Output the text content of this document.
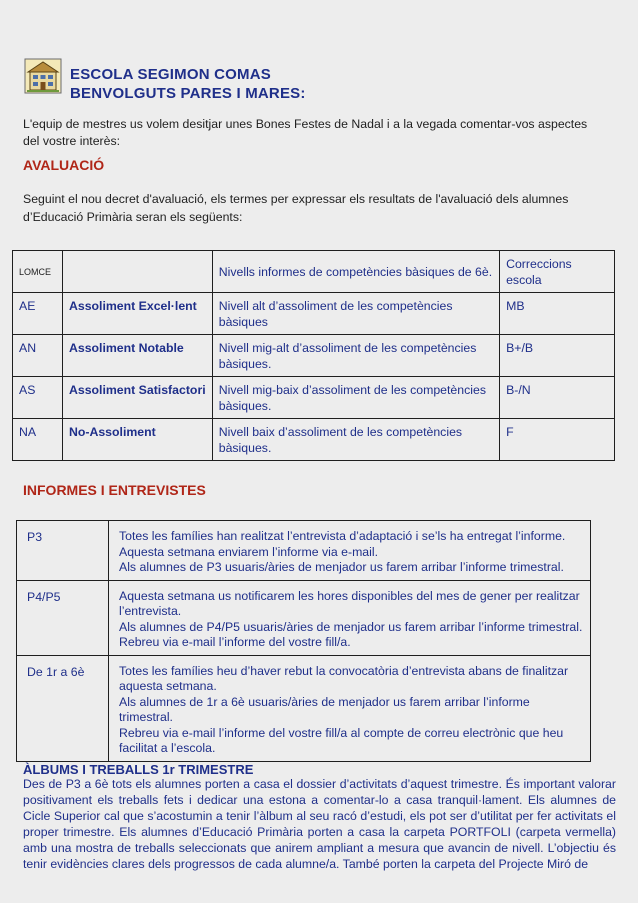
ESCOLA SEGIMON COMAS
BENVOLGUTS PARES I MARES:

L'equip de mestres us volem desitjar unes Bones Festes de Nadal i a la vegada comentar-vos aspectes del vostre interès:

AVALUACIÓ

Seguint el nou decret d'avaluació, els termes per expressar els resultats de l'avaluació dels alumnes d’Educació Primària seran els següents:

LOMCE		Nivells informes de competències bàsiques de 6è.	Correccions escola
AE	Assoliment Excel·lent	Nivell alt d’assoliment de les competències bàsiques	MB
AN	Assoliment Notable	Nivell mig-alt d’assoliment de les competències bàsiques.	B+/B
AS	Assoliment Satisfactori	Nivell mig-baix d’assoliment de les competències bàsiques.	B-/N
NA	No-Assoliment	Nivell baix d’assoliment de les competències bàsiques.	F
INFORMES I ENTREVISTES
P3	Totes les famílies han realitzat l’entrevista d’adaptació i se’ls ha entregat l’informe.
Aquesta setmana enviarem l’informe via e-mail.
Als alumnes de P3 usuaris/àries de menjador us farem arribar l’informe trimestral.

P4/P5	Aquesta setmana us notificarem les hores disponibles del mes de gener per realitzar l’entrevista.
Als alumnes de P4/P5 usuaris/àries de menjador us farem arribar l’informe trimestral.
Rebreu via e-mail l’informe del vostre fill/a.

De 1r a 6è	Totes les famílies heu d’haver rebut la convocatòria d’entrevista abans de finalitzar aquesta setmana.
Als alumnes de 1r a 6è usuaris/àries de menjador us farem arribar l’informe trimestral.
Rebreu via e-mail l’informe del vostre fill/a al compte de correu electrònic que heu facilitat a l’escola.
ÀLBUMS I TREBALLS 1r TRIMESTRE

Des de P3 a 6è tots els alumnes porten a casa el dossier d’activitats d’aquest trimestre. És important valorar positivament els treballs fets i dedicar una estona a comentar-lo a casa tranquil·lament. Els alumnes de Cicle Superior cal que s’acostumin a tenir l’àlbum al seu racó d’estudi, els pot ser d’utilitat per fer activitats el proper trimestre. Els alumnes d’Educació Primària porten a casa la carpeta PORTFOLI (carpeta vermella) amb una mostra de treballs seleccionats que anirem ampliant a mesura que avancin de nivell. L’objectiu és tenir evidències clares dels progressos de cada alumne/a. També porten la carpeta del Projecte Miró de
